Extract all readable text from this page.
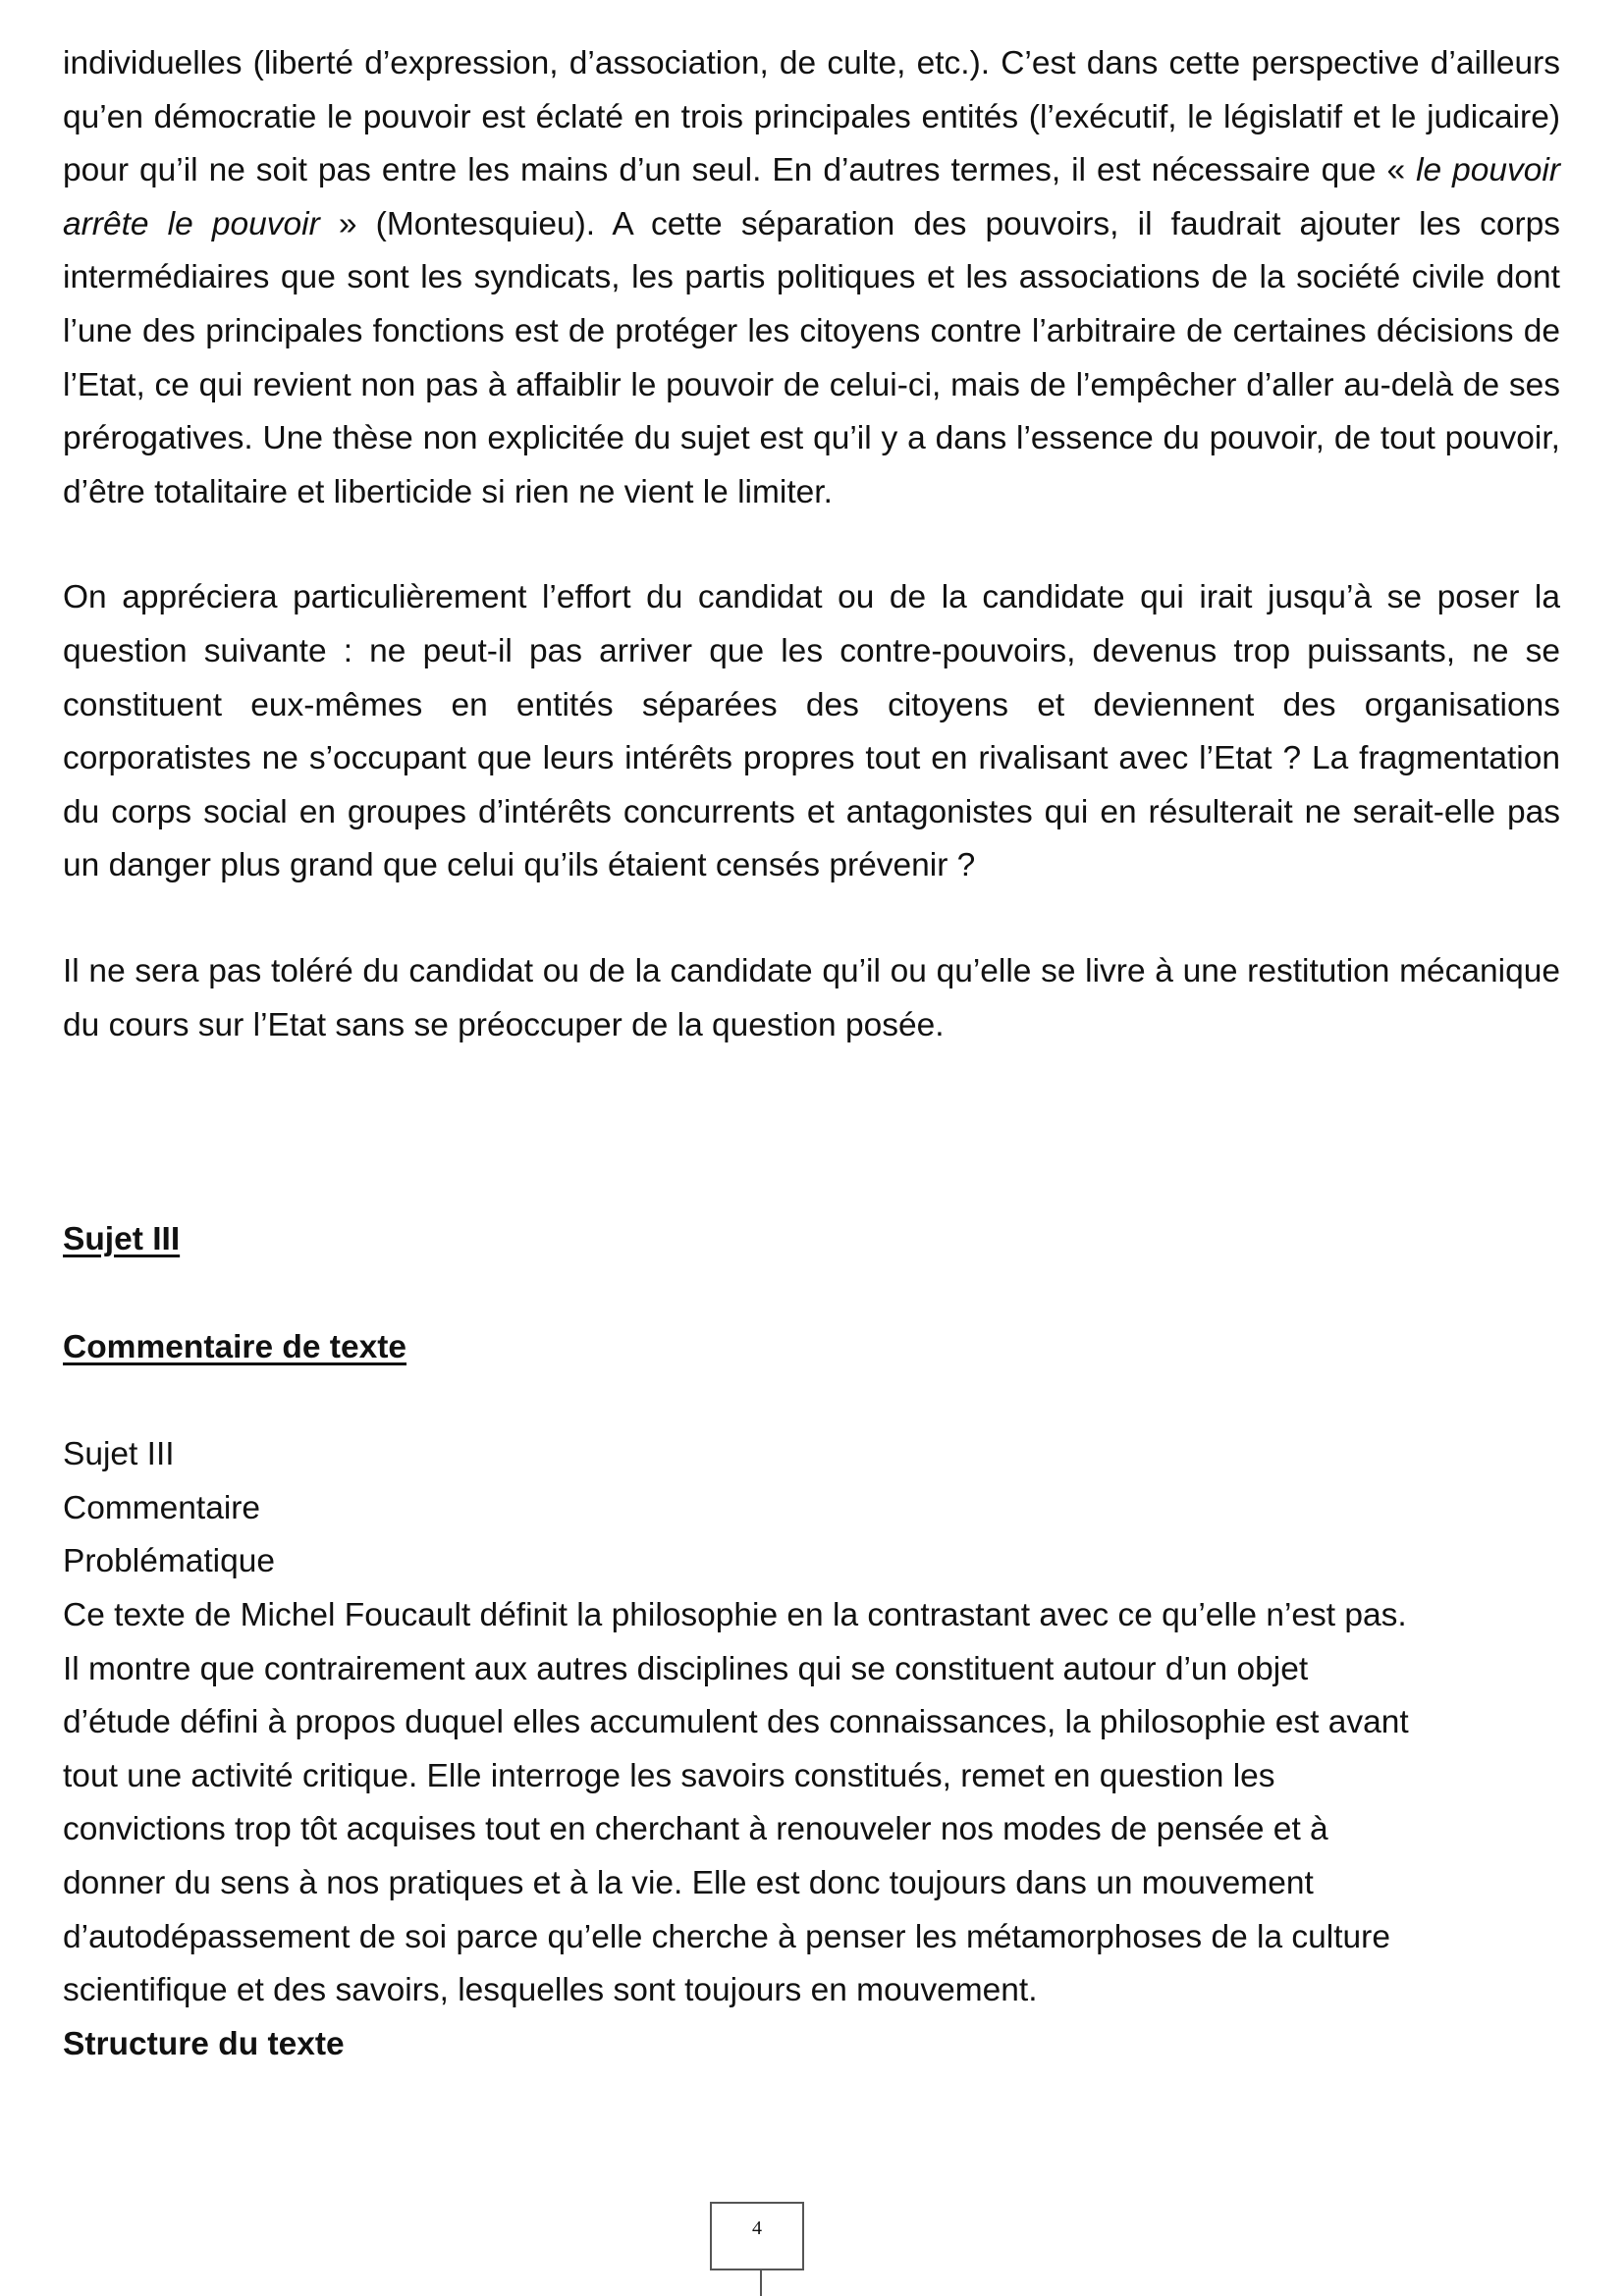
individuelles (liberté d’expression, d’association, de culte, etc.). C’est dans cette perspective d’ailleurs qu’en démocratie le pouvoir est éclaté en trois principales entités (l’exécutif, le législatif et le judicaire) pour qu’il ne soit pas entre les mains d’un seul. En d’autres termes, il est nécessaire que « le pouvoir arrête le pouvoir » (Montesquieu). A cette séparation des pouvoirs, il faudrait ajouter les corps intermédiaires que sont les syndicats, les partis politiques et les associations de la société civile dont l’une des principales fonctions est de protéger les citoyens contre l’arbitraire de certaines décisions de l’Etat, ce qui revient non pas à affaiblir le pouvoir de celui-ci, mais de l’empêcher d’aller au-delà de ses prérogatives. Une thèse non explicitée du sujet est qu’il y a dans l’essence du pouvoir, de tout pouvoir, d’être totalitaire et liberticide si rien ne vient le limiter.

On appréciera particulièrement l’effort du candidat ou de la candidate qui irait jusqu’à se poser la question suivante : ne peut-il pas arriver que les contre-pouvoirs, devenus trop puissants, ne se constituent eux-mêmes en entités séparées des citoyens et deviennent des organisations corporatistes ne s’occupant que leurs intérêts propres tout en rivalisant avec l’Etat ? La fragmentation du corps social en groupes d’intérêts concurrents et antagonistes qui en résulterait ne serait-elle pas un danger plus grand que celui qu’ils étaient censés prévenir ?

Il ne sera pas toléré du candidat ou de la candidate qu’il ou qu’elle se livre à une restitution mécanique du cours sur l’Etat sans se préoccuper de la question posée.

Sujet III

Commentaire de texte

Sujet III

Commentaire

Problématique

Ce texte de Michel Foucault définit la philosophie en la contrastant avec ce qu’elle n’est pas.

Il montre que contrairement aux autres disciplines qui se constituent autour d’un objet

d’étude défini à propos duquel elles accumulent des connaissances, la philosophie est avant

tout une activité critique. Elle interroge les savoirs constitués, remet en question les

convictions trop tôt acquises tout en cherchant à renouveler nos modes de pensée et à

donner du sens à nos pratiques et à la vie. Elle est donc toujours dans un mouvement

d’autodépassement de soi parce qu’elle cherche à penser les métamorphoses de la culture

scientifique et des savoirs, lesquelles sont toujours en mouvement.

Structure du texte

4
